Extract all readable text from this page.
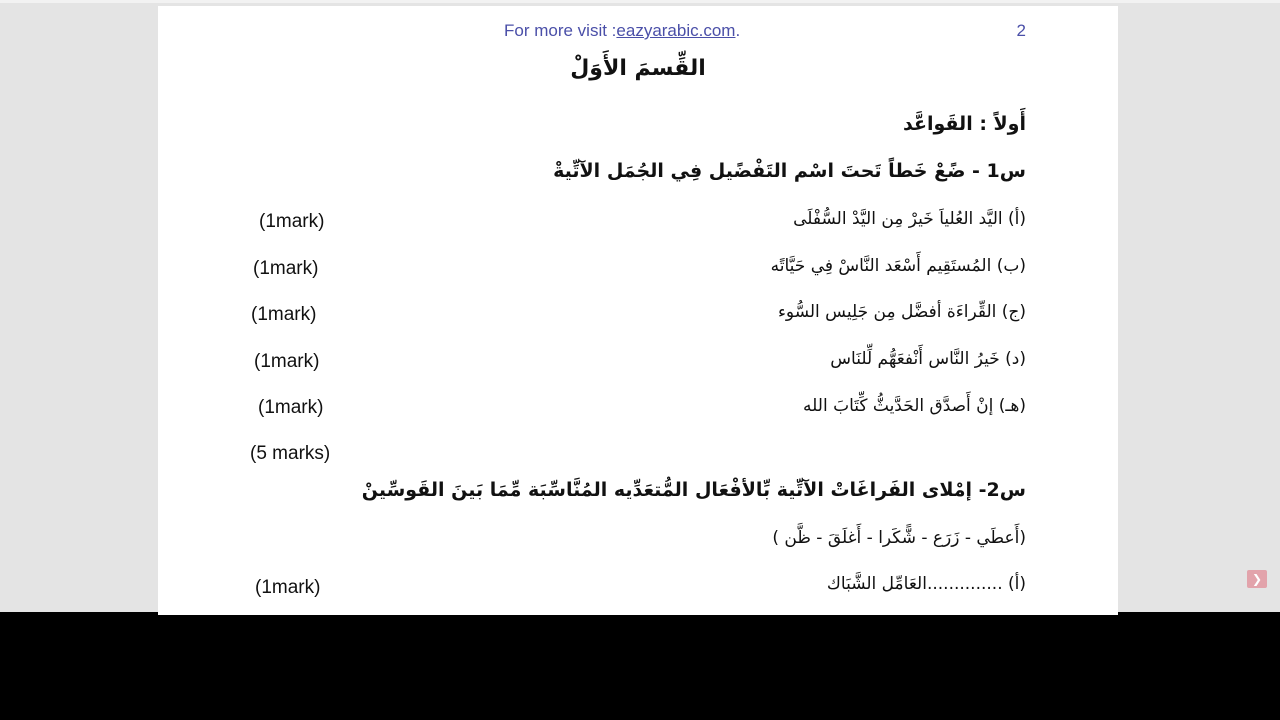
For more visit :eazyarabic.com.	2
القِّسمَ الأَوَلْ
أَولاً : القَواعَّد
س1 - ضًعْ خَطاً تَحتَ اسْم التَفْضًيل فِي الجُمَل الآتِّيةْ
(أ) اليَّد العُلياَ خَيرْ مِن اليَّدْ السُّفْلَى
(1mark)
(ب) المُستَقِيم أَسْعَد النَّاسْ فِي حَيَّاتًه
(1mark)
(ج) القِّراءَة أفضَّل مِن جَلِيس السُّوء
(1mark)
(د) خَيرُ النَّاس أَنْفعَهُّم لِّلنَاس
(1mark)
(هـ) إنْ أَصدَّق الحَدَّيثُّ كِّتَابَ الله
(1mark)
(5 marks)
س2- إمْلاى الفَراغَاتْ الآتِّية بِّالأفْعَال المُّتعَدِّيه المُنَّاسِّبَة مِّمَا بَينَ القَوسِّينْ
(أَعطَي - زَرَع - شًّكَرا - أَغلَقَ - ظَّن )
(أ) ..............العَامِّل الشَّبَاك
(1mark)	❯
